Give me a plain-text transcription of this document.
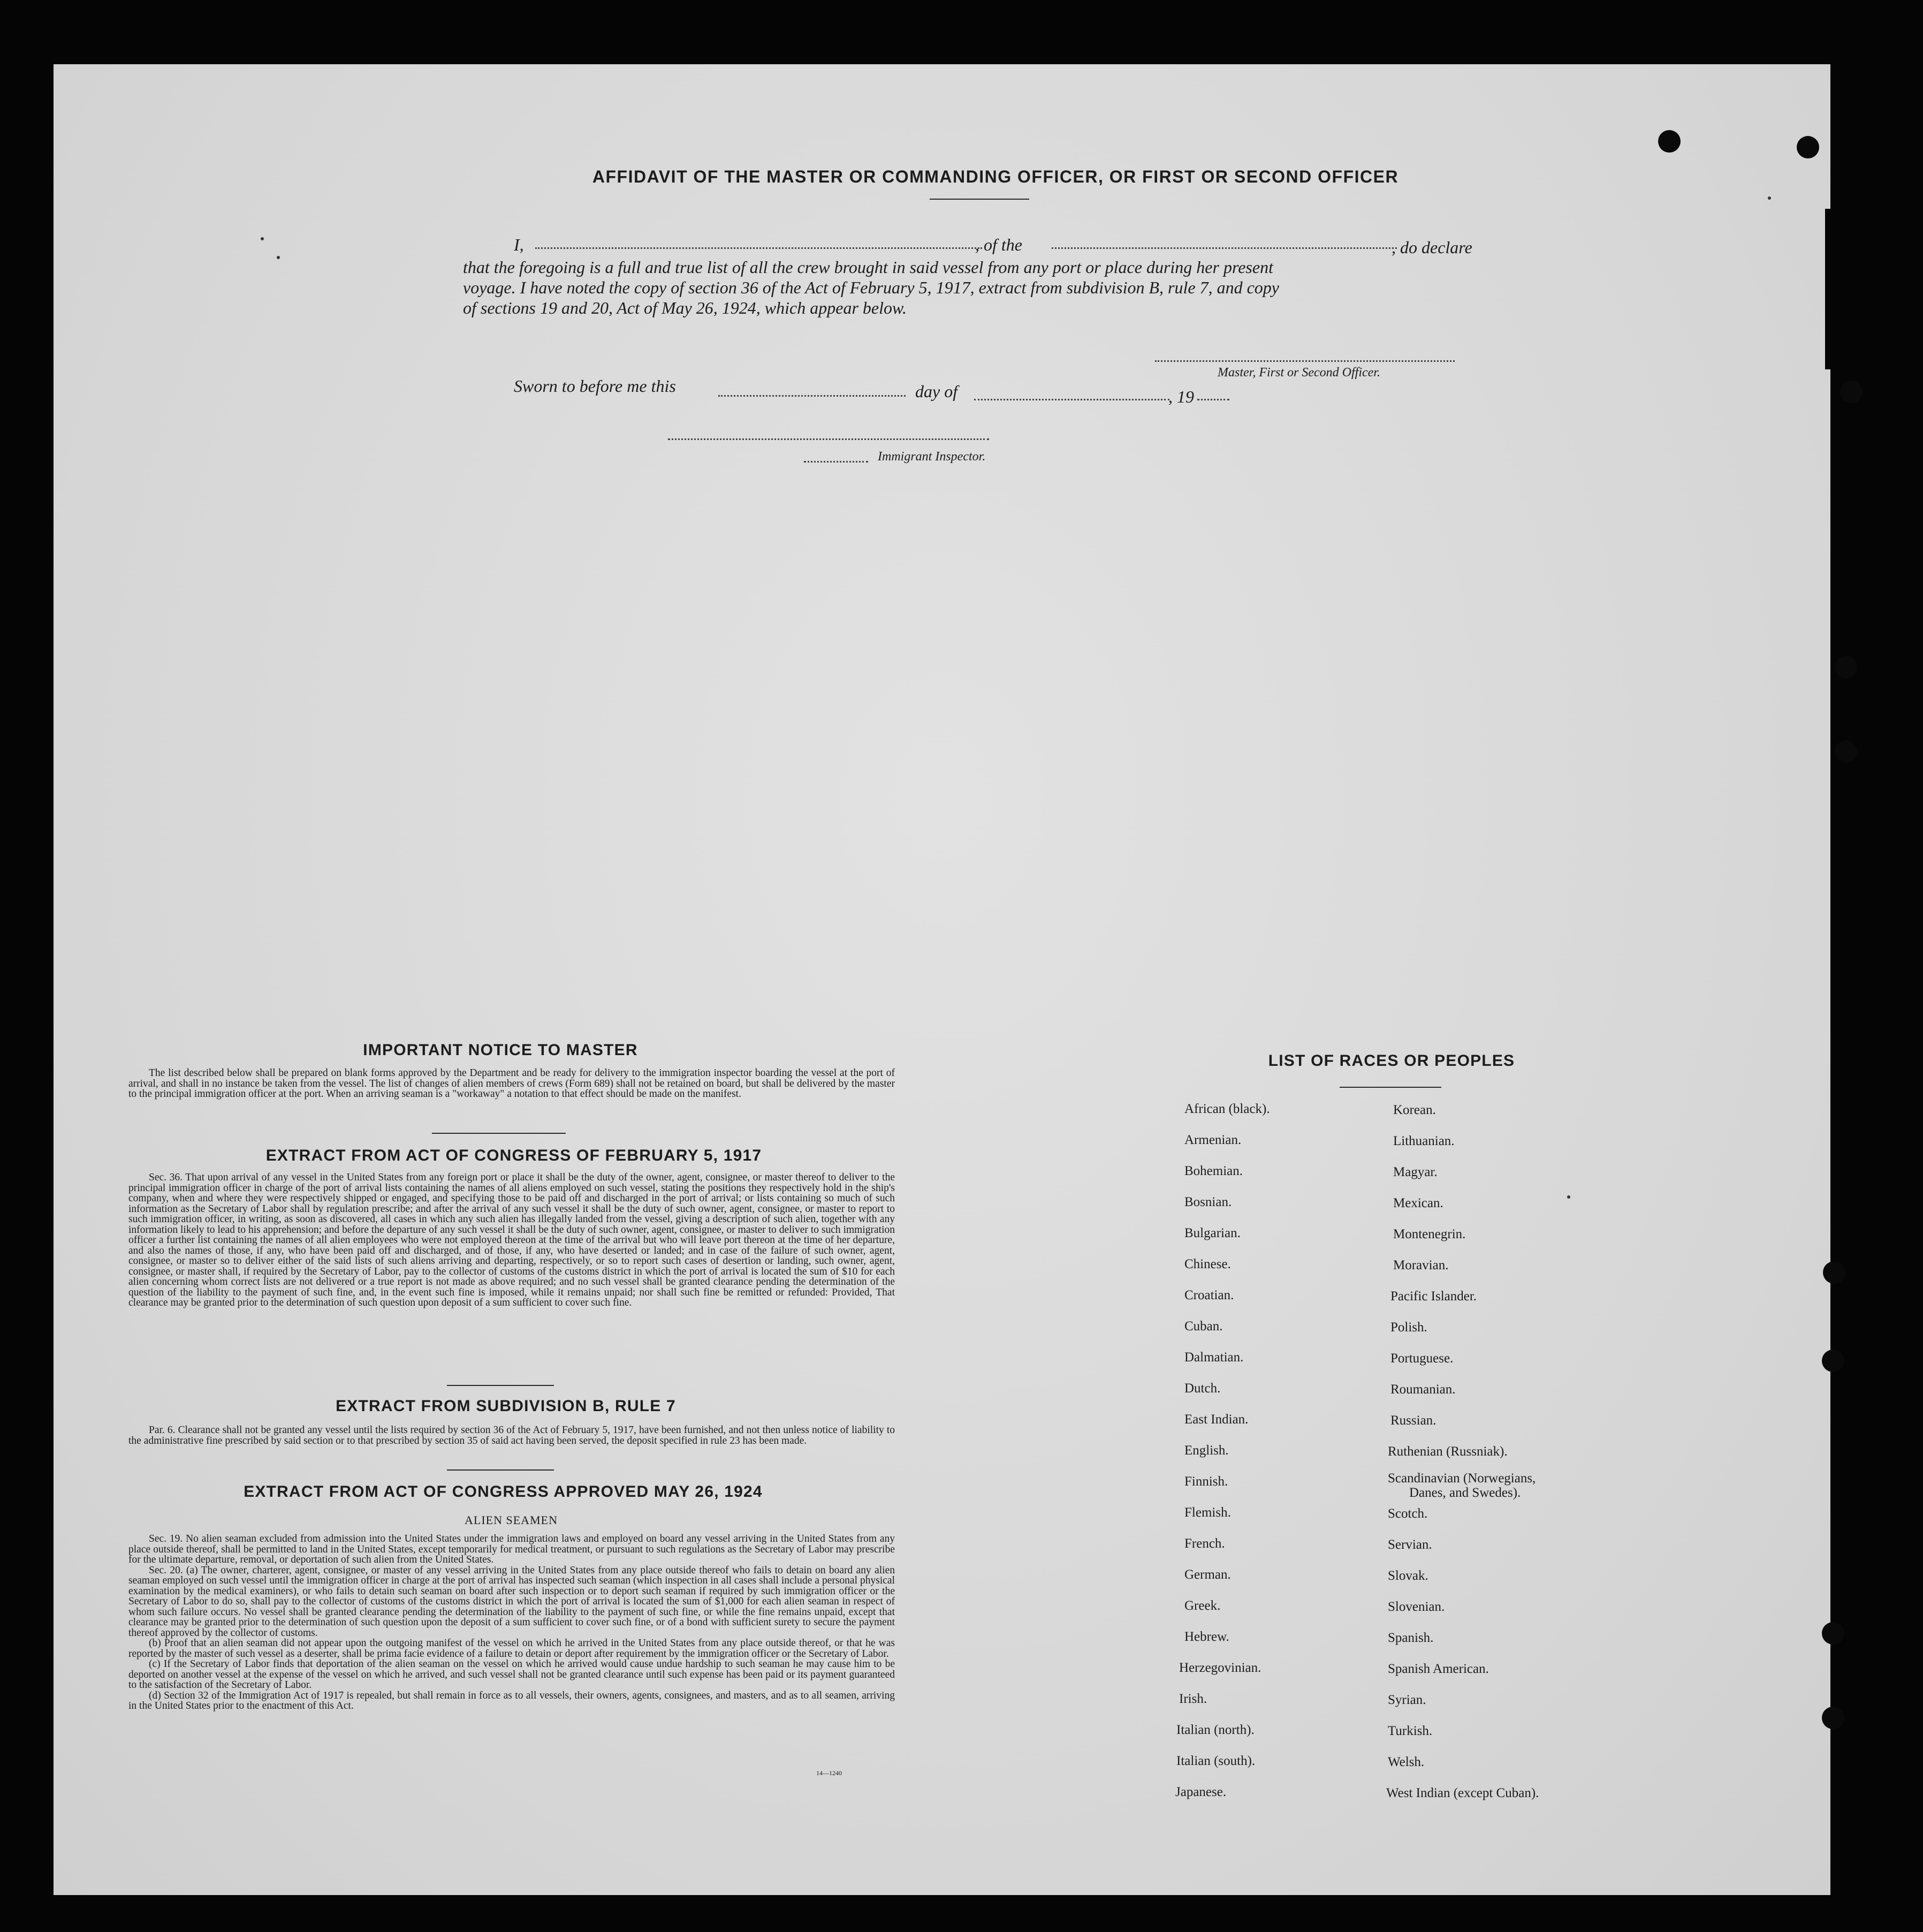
AFFIDAVIT OF THE MASTER OR COMMANDING OFFICER, OR FIRST OR SECOND OFFICER
I,	, of the	, do declare
that the foregoing is a full and true list of all the crew brought in said vessel from any port or place during her present
voyage. I have noted the copy of section 36 of the Act of February 5, 1917, extract from subdivision B, rule 7, and copy
of sections 19 and 20, Act of May 26, 1924, which appear below.
Master, First or Second Officer.
Sworn to before me this	day of	, 19
Immigrant Inspector.
IMPORTANT NOTICE TO MASTER

The list described below shall be prepared on blank forms approved by the Department and be ready for delivery to the immigration inspector boarding the vessel at the port of arrival, and shall in no instance be taken from the vessel. The list of changes of alien members of crews (Form 689) shall not be retained on board, but shall be delivered by the master to the principal immigration officer at the port. When an arriving seaman is a "workaway" a notation to that effect should be made on the manifest.

EXTRACT FROM ACT OF CONGRESS OF FEBRUARY 5, 1917

Sec. 36. That upon arrival of any vessel in the United States from any foreign port or place it shall be the duty of the owner, agent, consignee, or master thereof to deliver to the principal immigration officer in charge of the port of arrival lists containing the names of all aliens employed on such vessel, stating the positions they respectively hold in the ship's company, when and where they were respectively shipped or engaged, and specifying those to be paid off and discharged in the port of arrival; or lists containing so much of such information as the Secretary of Labor shall by regulation prescribe; and after the arrival of any such vessel it shall be the duty of such owner, agent, consignee, or master to report to such immigration officer, in writing, as soon as discovered, all cases in which any such alien has illegally landed from the vessel, giving a description of such alien, together with any information likely to lead to his apprehension; and before the departure of any such vessel it shall be the duty of such owner, agent, consignee, or master to deliver to such immigration officer a further list containing the names of all alien employees who were not employed thereon at the time of the arrival but who will leave port thereon at the time of her departure, and also the names of those, if any, who have been paid off and discharged, and of those, if any, who have deserted or landed; and in case of the failure of such owner, agent, consignee, or master so to deliver either of the said lists of such aliens arriving and departing, respectively, or so to report such cases of desertion or landing, such owner, agent, consignee, or master shall, if required by the Secretary of Labor, pay to the collector of customs of the customs district in which the port of arrival is located the sum of $10 for each alien concerning whom correct lists are not delivered or a true report is not made as above required; and no such vessel shall be granted clearance pending the determination of the question of the liability to the payment of such fine, and, in the event such fine is imposed, while it remains unpaid; nor shall such fine be remitted or refunded: Provided, That clearance may be granted prior to the determination of such question upon deposit of a sum sufficient to cover such fine.

EXTRACT FROM SUBDIVISION B, RULE 7

Par. 6. Clearance shall not be granted any vessel until the lists required by section 36 of the Act of February 5, 1917, have been furnished, and not then unless notice of liability to the administrative fine prescribed by said section or to that prescribed by section 35 of said act having been served, the deposit specified in rule 23 has been made.

EXTRACT FROM ACT OF CONGRESS APPROVED MAY 26, 1924
ALIEN SEAMEN

Sec. 19. No alien seaman excluded from admission into the United States under the immigration laws and employed on board any vessel arriving in the United States from any place outside thereof, shall be permitted to land in the United States, except temporarily for medical treatment, or pursuant to such regulations as the Secretary of Labor may prescribe for the ultimate departure, removal, or deportation of such alien from the United States.

Sec. 20. (a) The owner, charterer, agent, consignee, or master of any vessel arriving in the United States from any place outside thereof who fails to detain on board any alien seaman employed on such vessel until the immigration officer in charge at the port of arrival has inspected such seaman (which inspection in all cases shall include a personal physical examination by the medical examiners), or who fails to detain such seaman on board after such inspection or to deport such seaman if required by such immigration officer or the Secretary of Labor to do so, shall pay to the collector of customs of the customs district in which the port of arrival is located the sum of $1,000 for each alien seaman in respect of whom such failure occurs. No vessel shall be granted clearance pending the determination of the liability to the payment of such fine, or while the fine remains unpaid, except that clearance may be granted prior to the determination of such question upon the deposit of a sum sufficient to cover such fine, or of a bond with sufficient surety to secure the payment thereof approved by the collector of customs.

(b) Proof that an alien seaman did not appear upon the outgoing manifest of the vessel on which he arrived in the United States from any place outside thereof, or that he was reported by the master of such vessel as a deserter, shall be prima facie evidence of a failure to detain or deport after requirement by the immigration officer or the Secretary of Labor.

(c) If the Secretary of Labor finds that deportation of the alien seaman on the vessel on which he arrived would cause undue hardship to such seaman he may cause him to be deported on another vessel at the expense of the vessel on which he arrived, and such vessel shall not be granted clearance until such expense has been paid or its payment guaranteed to the satisfaction of the Secretary of Labor.

(d) Section 32 of the Immigration Act of 1917 is repealed, but shall remain in force as to all vessels, their owners, agents, consignees, and masters, and as to all seamen, arriving in the United States prior to the enactment of this Act.

14—1240
LIST OF RACES OR PEOPLES
African (black).
Armenian.
Bohemian.
Bosnian.
Bulgarian.
Chinese.
Croatian.
Cuban.
Dalmatian.
Dutch.
East Indian.
English.
Finnish.
Flemish.
French.
German.
Greek.
Hebrew.
Herzegovinian.
Irish.
Italian (north).
Italian (south).
Japanese.
Korean.
Lithuanian.
Magyar.
Mexican.
Montenegrin.
Moravian.
Pacific Islander.
Polish.
Portuguese.
Roumanian.
Russian.
Ruthenian (Russniak).
Scandinavian (Norwegians,
Danes, and Swedes).
Scotch.
Servian.
Slovak.
Slovenian.
Spanish.
Spanish American.
Syrian.
Turkish.
Welsh.
West Indian (except Cuban).
